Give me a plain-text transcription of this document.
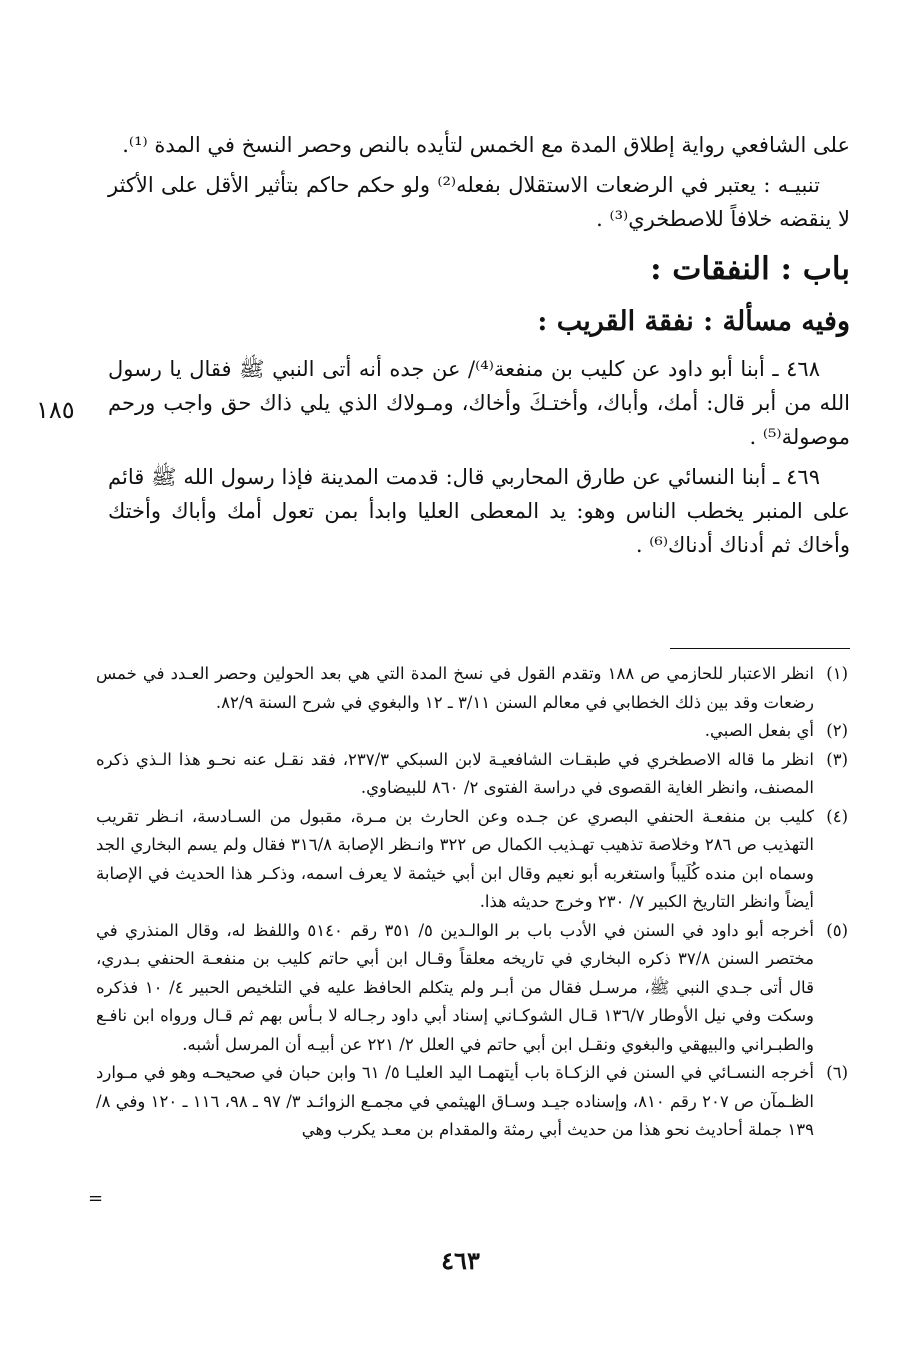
١٨٥

على الشافعي رواية إطلاق المدة مع الخمس لتأيده بالنص وحصر النسخ في المدة ⁽¹⁾.

تنبيـه : يعتبر في الرضعات الاستقلال بفعله⁽²⁾ ولو حكم حاكم بتأثير الأقل على الأكثر لا ينقضه خلافاً للاصطخري⁽³⁾ .

باب : النفقات :
وفيه مسألة : نفقة القريب :

٤٦٨ ـ أبنا أبو داود عن كليب بن منفعة⁽⁴⁾/ عن جده أنه أتى النبي ﷺ فقال يا رسول الله من أبر قال: أمك، وأباك، وأختـكَ وأخاك، ومـولاك الذي يلي ذاك حق واجب ورحم موصولة⁽⁵⁾ .

٤٦٩ ـ أبنا النسائي عن طارق المحاربي قال: قدمت المدينة فإذا رسول الله ﷺ قائم على المنبر يخطب الناس وهو: يد المعطى العليا وابدأ بمن تعول أمك وأباك وأختك وأخاك ثم أدناك أدناك⁽⁶⁾ .

(١)
انظر الاعتبار للحازمي ص ١٨٨ وتقدم القول في نسخ المدة التي هي بعد الحولين وحصر العـدد في خمس رضعات وقد بين ذلك الخطابي في معالم السنن ٣/١١ ـ ١٢ والبغوي في شرح السنة ٨٢/٩.
(٢)
أي بفعل الصبي.
(٣)
انظر ما قاله الاصطخري في طبقـات الشافعيـة لابن السبكي ٢٣٧/٣، فقد نقـل عنه نحـو هذا الـذي ذكره المصنف، وانظر الغاية القصوى في دراسة الفتوى ٢/ ٨٦٠ للبيضاوي.
(٤)
كليب بن منفعـة الحنفي البصري عن جـده وعن الحارث بن مـرة، مقبول من السـادسة، انـظر تقريب التهذيب ص ٢٨٦ وخلاصة تذهيب تهـذيب الكمال ص ٣٢٢ وانـظر الإصابة ٣١٦/٨ فقال ولم يسم البخاري الجد وسماه ابن منده كُلَيباً واستغربه أبو نعيم وقال ابن أبي خيثمة لا يعرف اسمه، وذكـر هذا الحديث في الإصابة أيضاً وانظر التاريخ الكبير ٧/ ٢٣٠ وخرج حديثه هذا.
(٥)
أخرجه أبو داود في السنن في الأدب باب بر الوالـدين ٥/ ٣٥١ رقم ٥١٤٠ واللفظ له، وقال المنذري في مختصر السنن ٣٧/٨ ذكره البخاري في تاريخه معلقاً وقـال ابن أبي حاتم كليب بن منفعـة الحنفي بـدري، قال أتى جـدي النبي ﷺ، مرسـل فقال من أبـر ولم يتكلم الحافظ عليه في التلخيص الحبير ٤/ ١٠ فذكره وسكت وفي نيل الأوطار ١٣٦/٧ قـال الشوكـاني إسناد أبي داود رجـاله لا بـأس بهم ثم قـال ورواه ابن نافـع والطبـراني والبيهقي والبغوي ونقـل ابن أبي حاتم في العلل ٢/ ٢٢١ عن أبيـه أن المرسل أشبه.
(٦)
أخرجه النسـائي في السنن في الزكـاة باب أيتهمـا اليد العليـا ٥/ ٦١ وابن حبان في صحيحـه وهو في مـوارد الظـمآن ص ٢٠٧ رقم ٨١٠، وإسناده جيـد وسـاق الهيثمي في مجمـع الزوائـد ٣/ ٩٧ ـ ٩٨، ١١٦ ـ ١٢٠ وفي ٨/ ١٣٩ جملة أحاديث نحو هذا من حديث أبي رمثة والمقدام بن معـد يكرب وهي
=
٤٦٣
